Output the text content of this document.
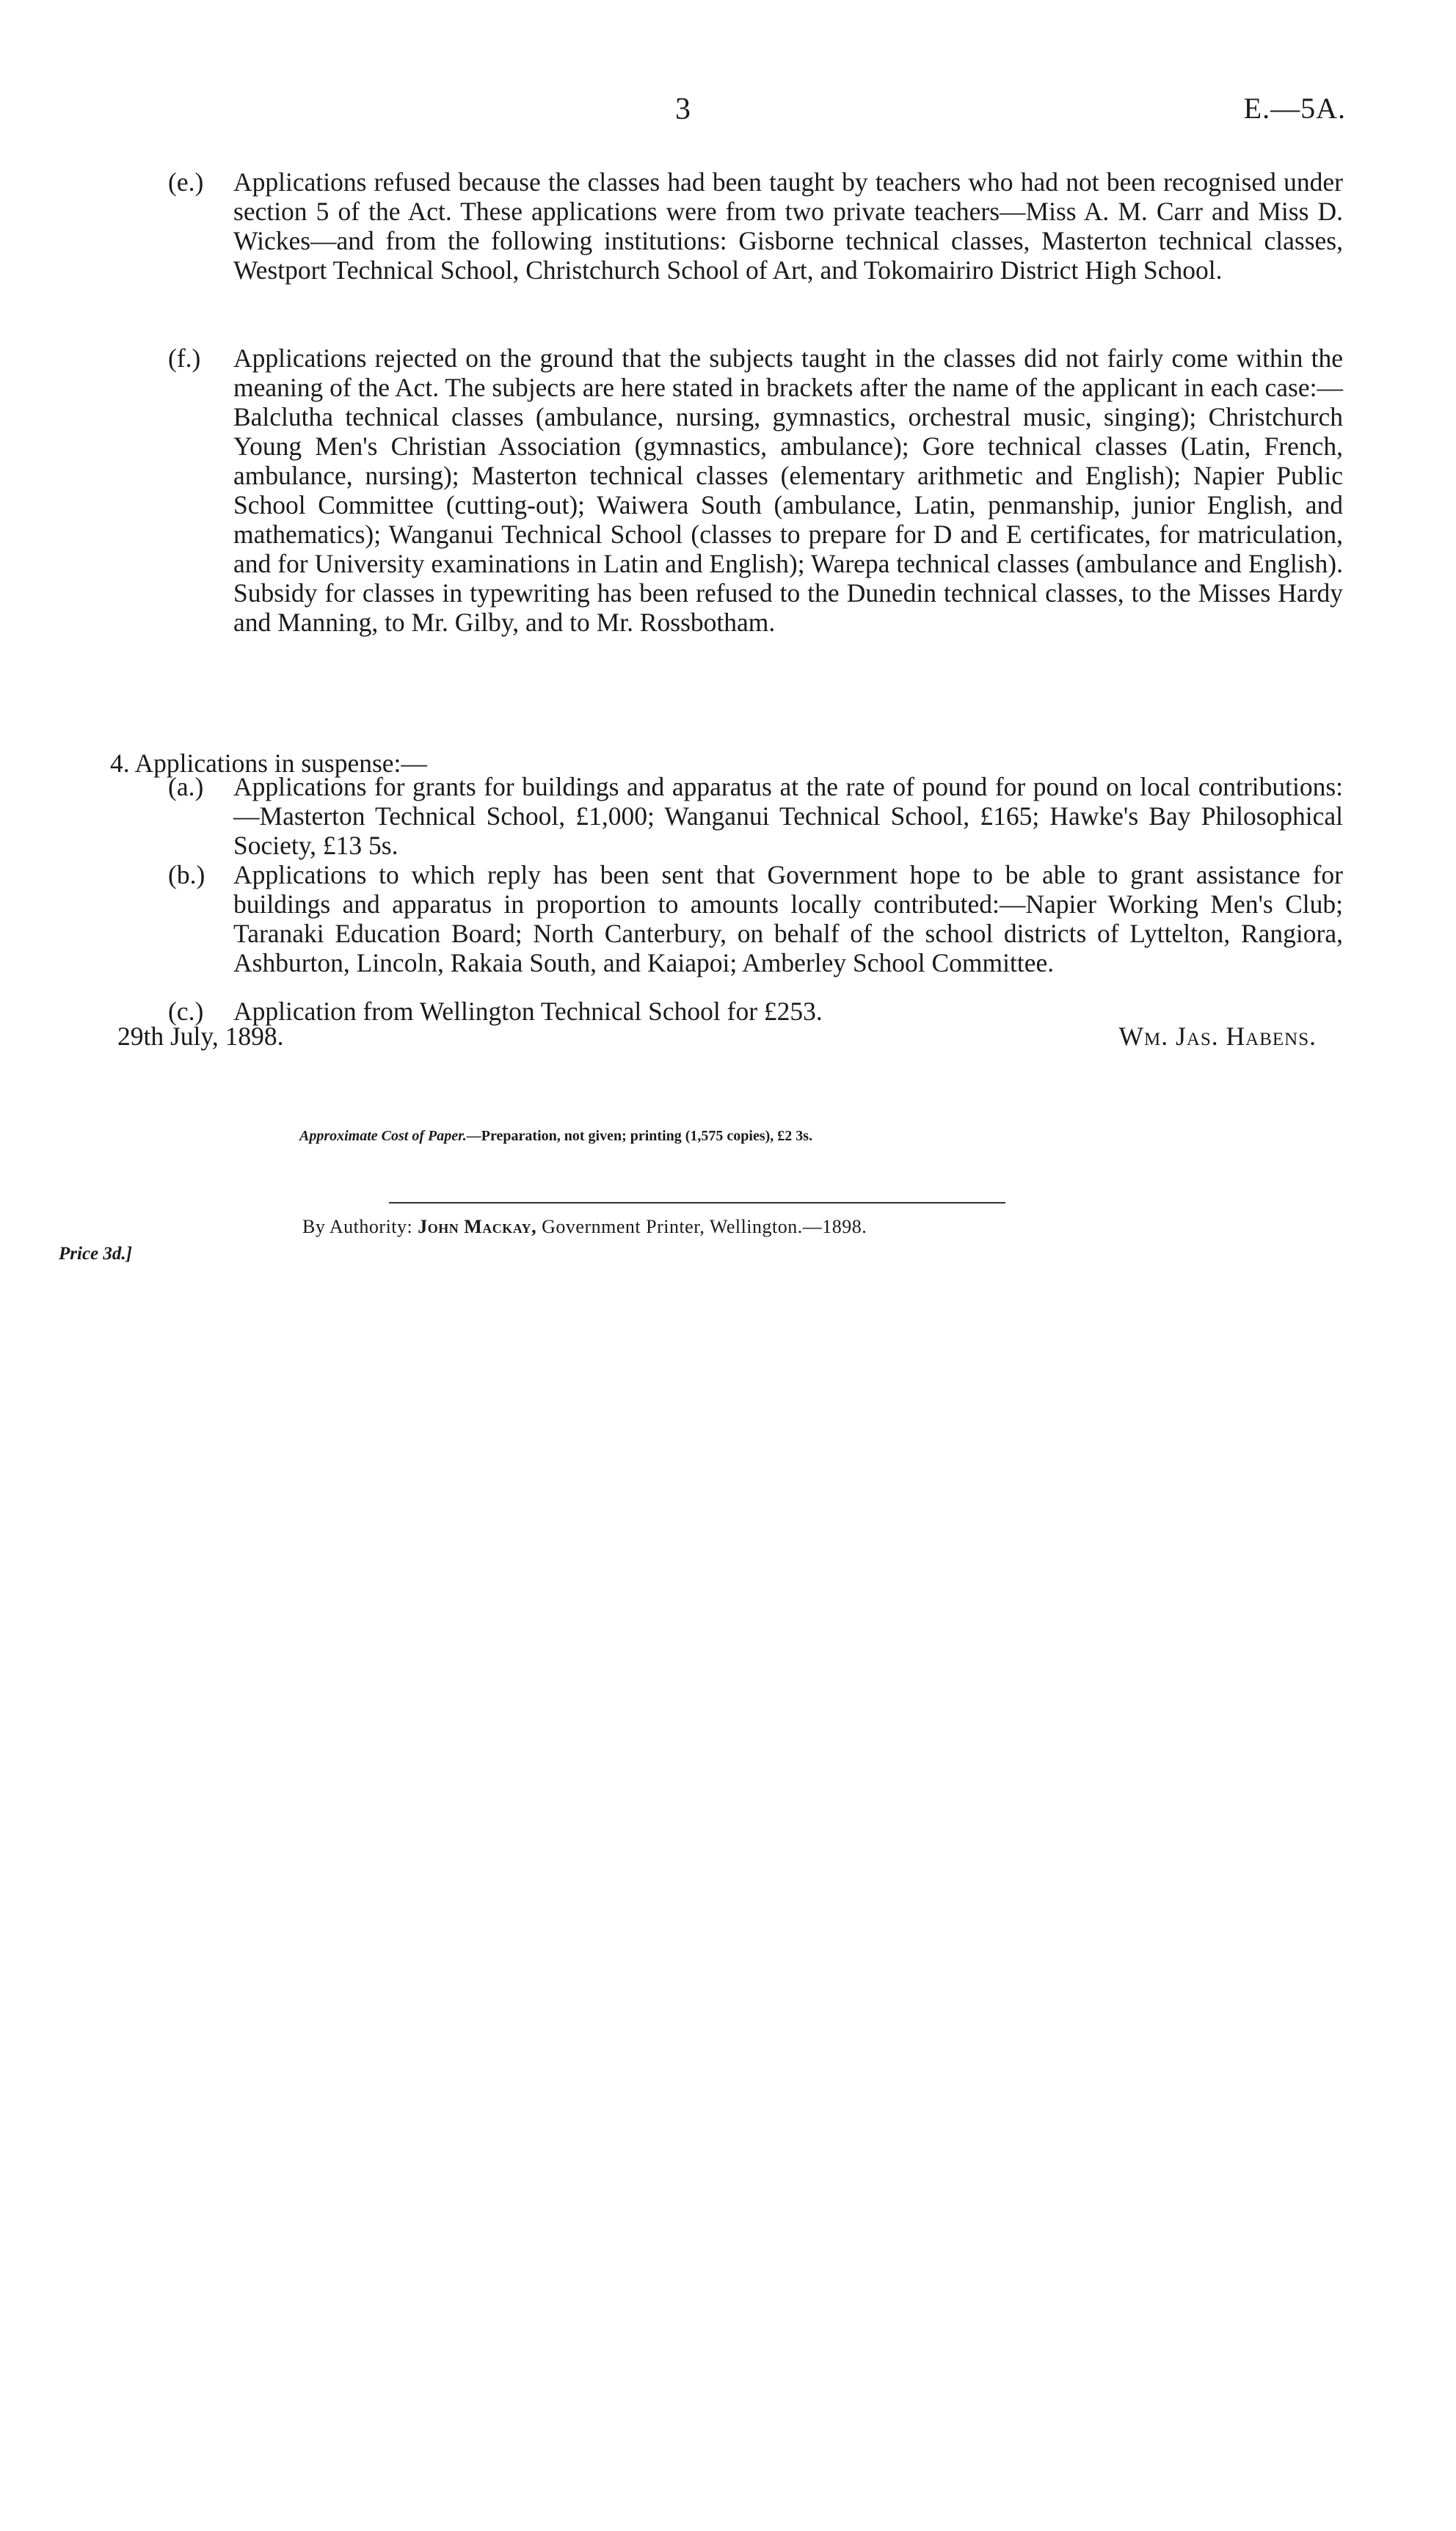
3	E.—5A.
(e.) Applications refused because the classes had been taught by teachers who had not been recognised under section 5 of the Act. These applications were from two private teachers—Miss A. M. Carr and Miss D. Wickes—and from the following institutions: Gisborne technical classes, Masterton technical classes, Westport Technical School, Christchurch School of Art, and Tokomairiro District High School.
(f.) Applications rejected on the ground that the subjects taught in the classes did not fairly come within the meaning of the Act. The subjects are here stated in brackets after the name of the applicant in each case:—Balclutha technical classes (ambulance, nursing, gymnastics, orchestral music, singing); Christchurch Young Men's Christian Association (gymnastics, ambulance); Gore technical classes (Latin, French, ambulance, nursing); Masterton technical classes (elementary arithmetic and English); Napier Public School Committee (cutting-out); Waiwera South (ambulance, Latin, penmanship, junior English, and mathematics); Wanganui Technical School (classes to prepare for D and E certificates, for matriculation, and for University examinations in Latin and English); Warepa technical classes (ambulance and English). Subsidy for classes in typewriting has been refused to the Dunedin technical classes, to the Misses Hardy and Manning, to Mr. Gilby, and to Mr. Rossbotham.
4. Applications in suspense:—
(a.) Applications for grants for buildings and apparatus at the rate of pound for pound on local contributions:—Masterton Technical School, £1,000; Wanganui Technical School, £165; Hawke's Bay Philosophical Society, £13 5s.
(b.) Applications to which reply has been sent that Government hope to be able to grant assistance for buildings and apparatus in proportion to amounts locally contributed:—Napier Working Men's Club; Taranaki Education Board; North Canterbury, on behalf of the school districts of Lyttelton, Rangiora, Ashburton, Lincoln, Rakaia South, and Kaiapoi; Amberley School Committee.
(c.) Application from Wellington Technical School for £253.
29th July, 1898.	Wm. Jas. Habens.
Approximate Cost of Paper.—Preparation, not given; printing (1,575 copies), £2 3s.
By Authority: John Mackay, Government Printer, Wellington.—1898.
Price 3d.]
